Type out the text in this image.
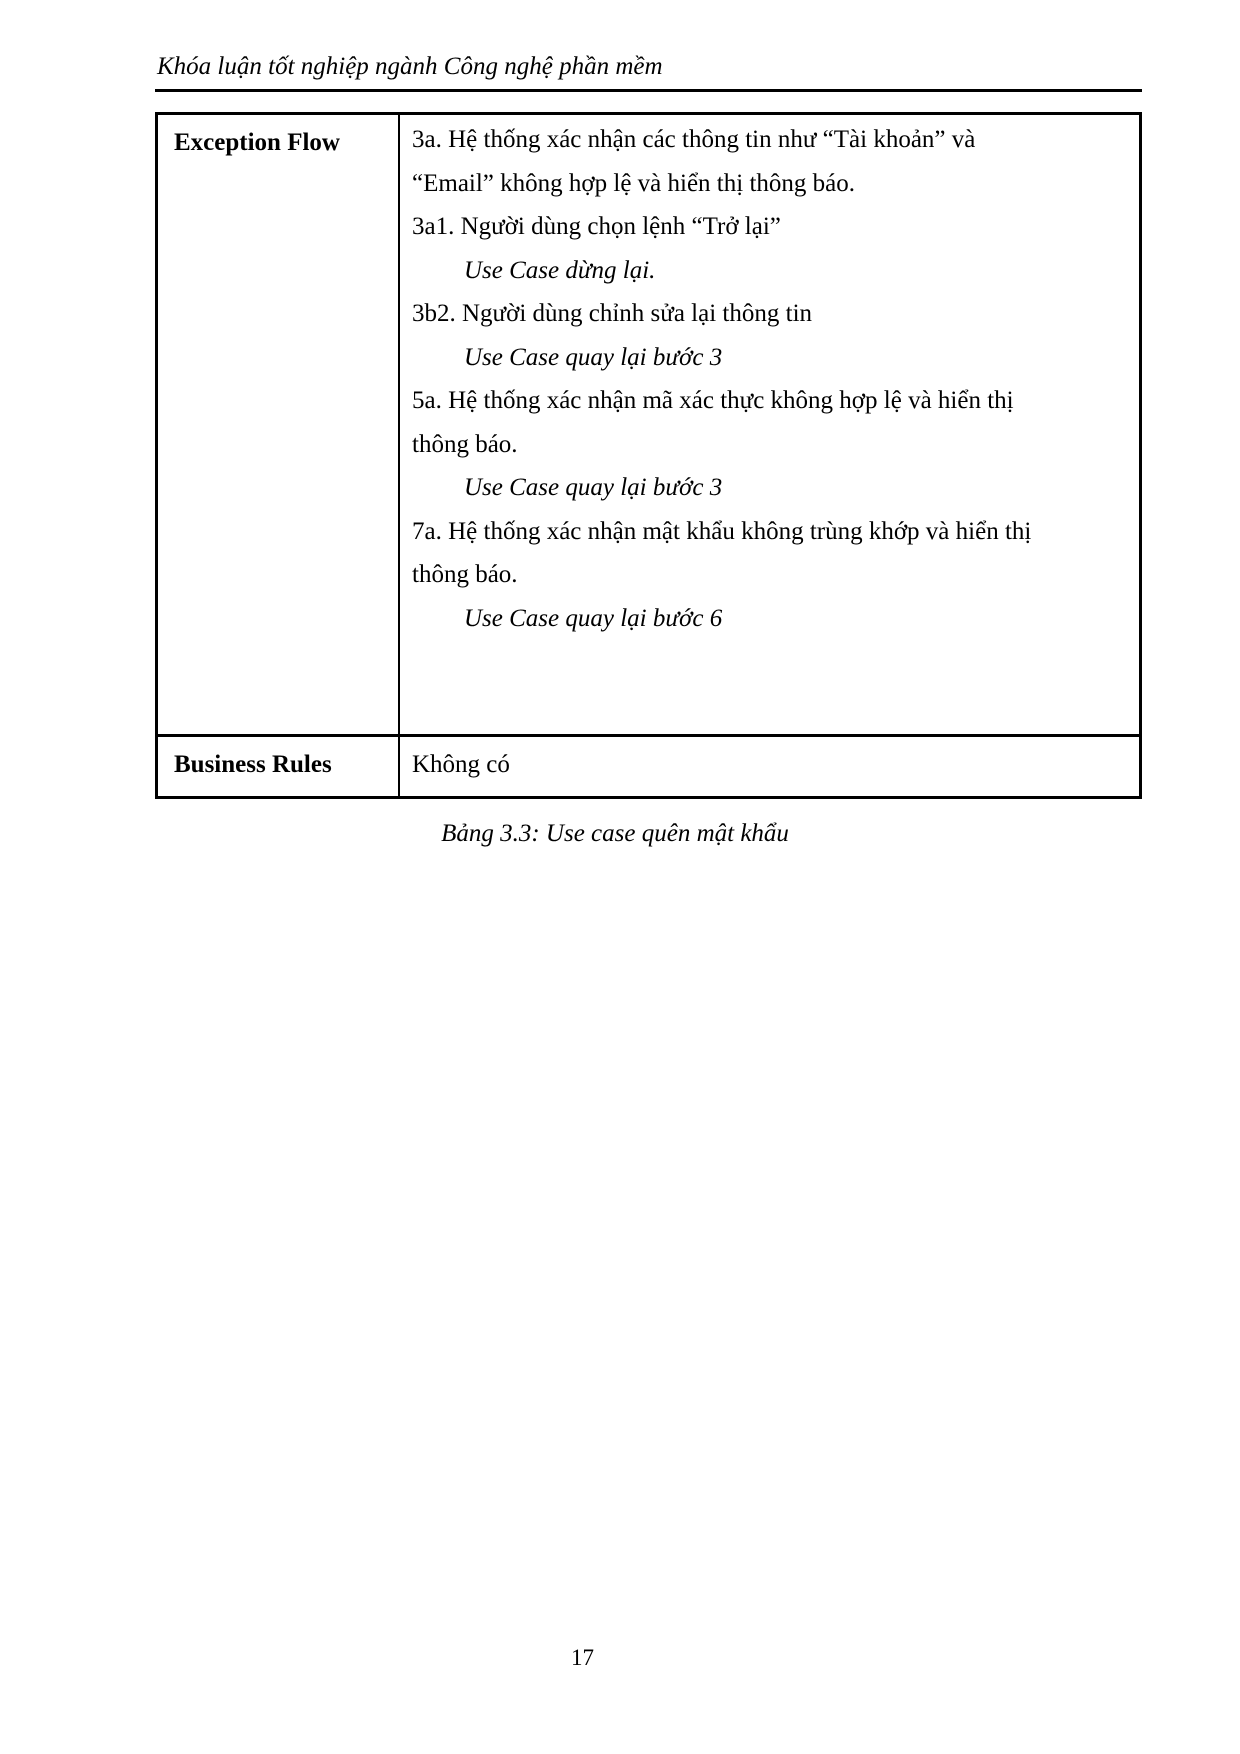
Khóa luận tốt nghiệp ngành Công nghệ phần mềm
Exception Flow	3a. Hệ thống xác nhận các thông tin như “Tài khoản” và
“Email” không hợp lệ và hiển thị thông báo.
3a1. Người dùng chọn lệnh “Trở lại”
Use Case dừng lại.
3b2. Người dùng chỉnh sửa lại thông tin
Use Case quay lại bước 3
5a. Hệ thống xác nhận mã xác thực không hợp lệ và hiển thị
thông báo.
Use Case quay lại bước 3
7a. Hệ thống xác nhận mật khẩu không trùng khớp và hiển thị
thông báo.
Use Case quay lại bước 6
Business Rules	Không có
Bảng 3.3: Use case quên mật khẩu
17
